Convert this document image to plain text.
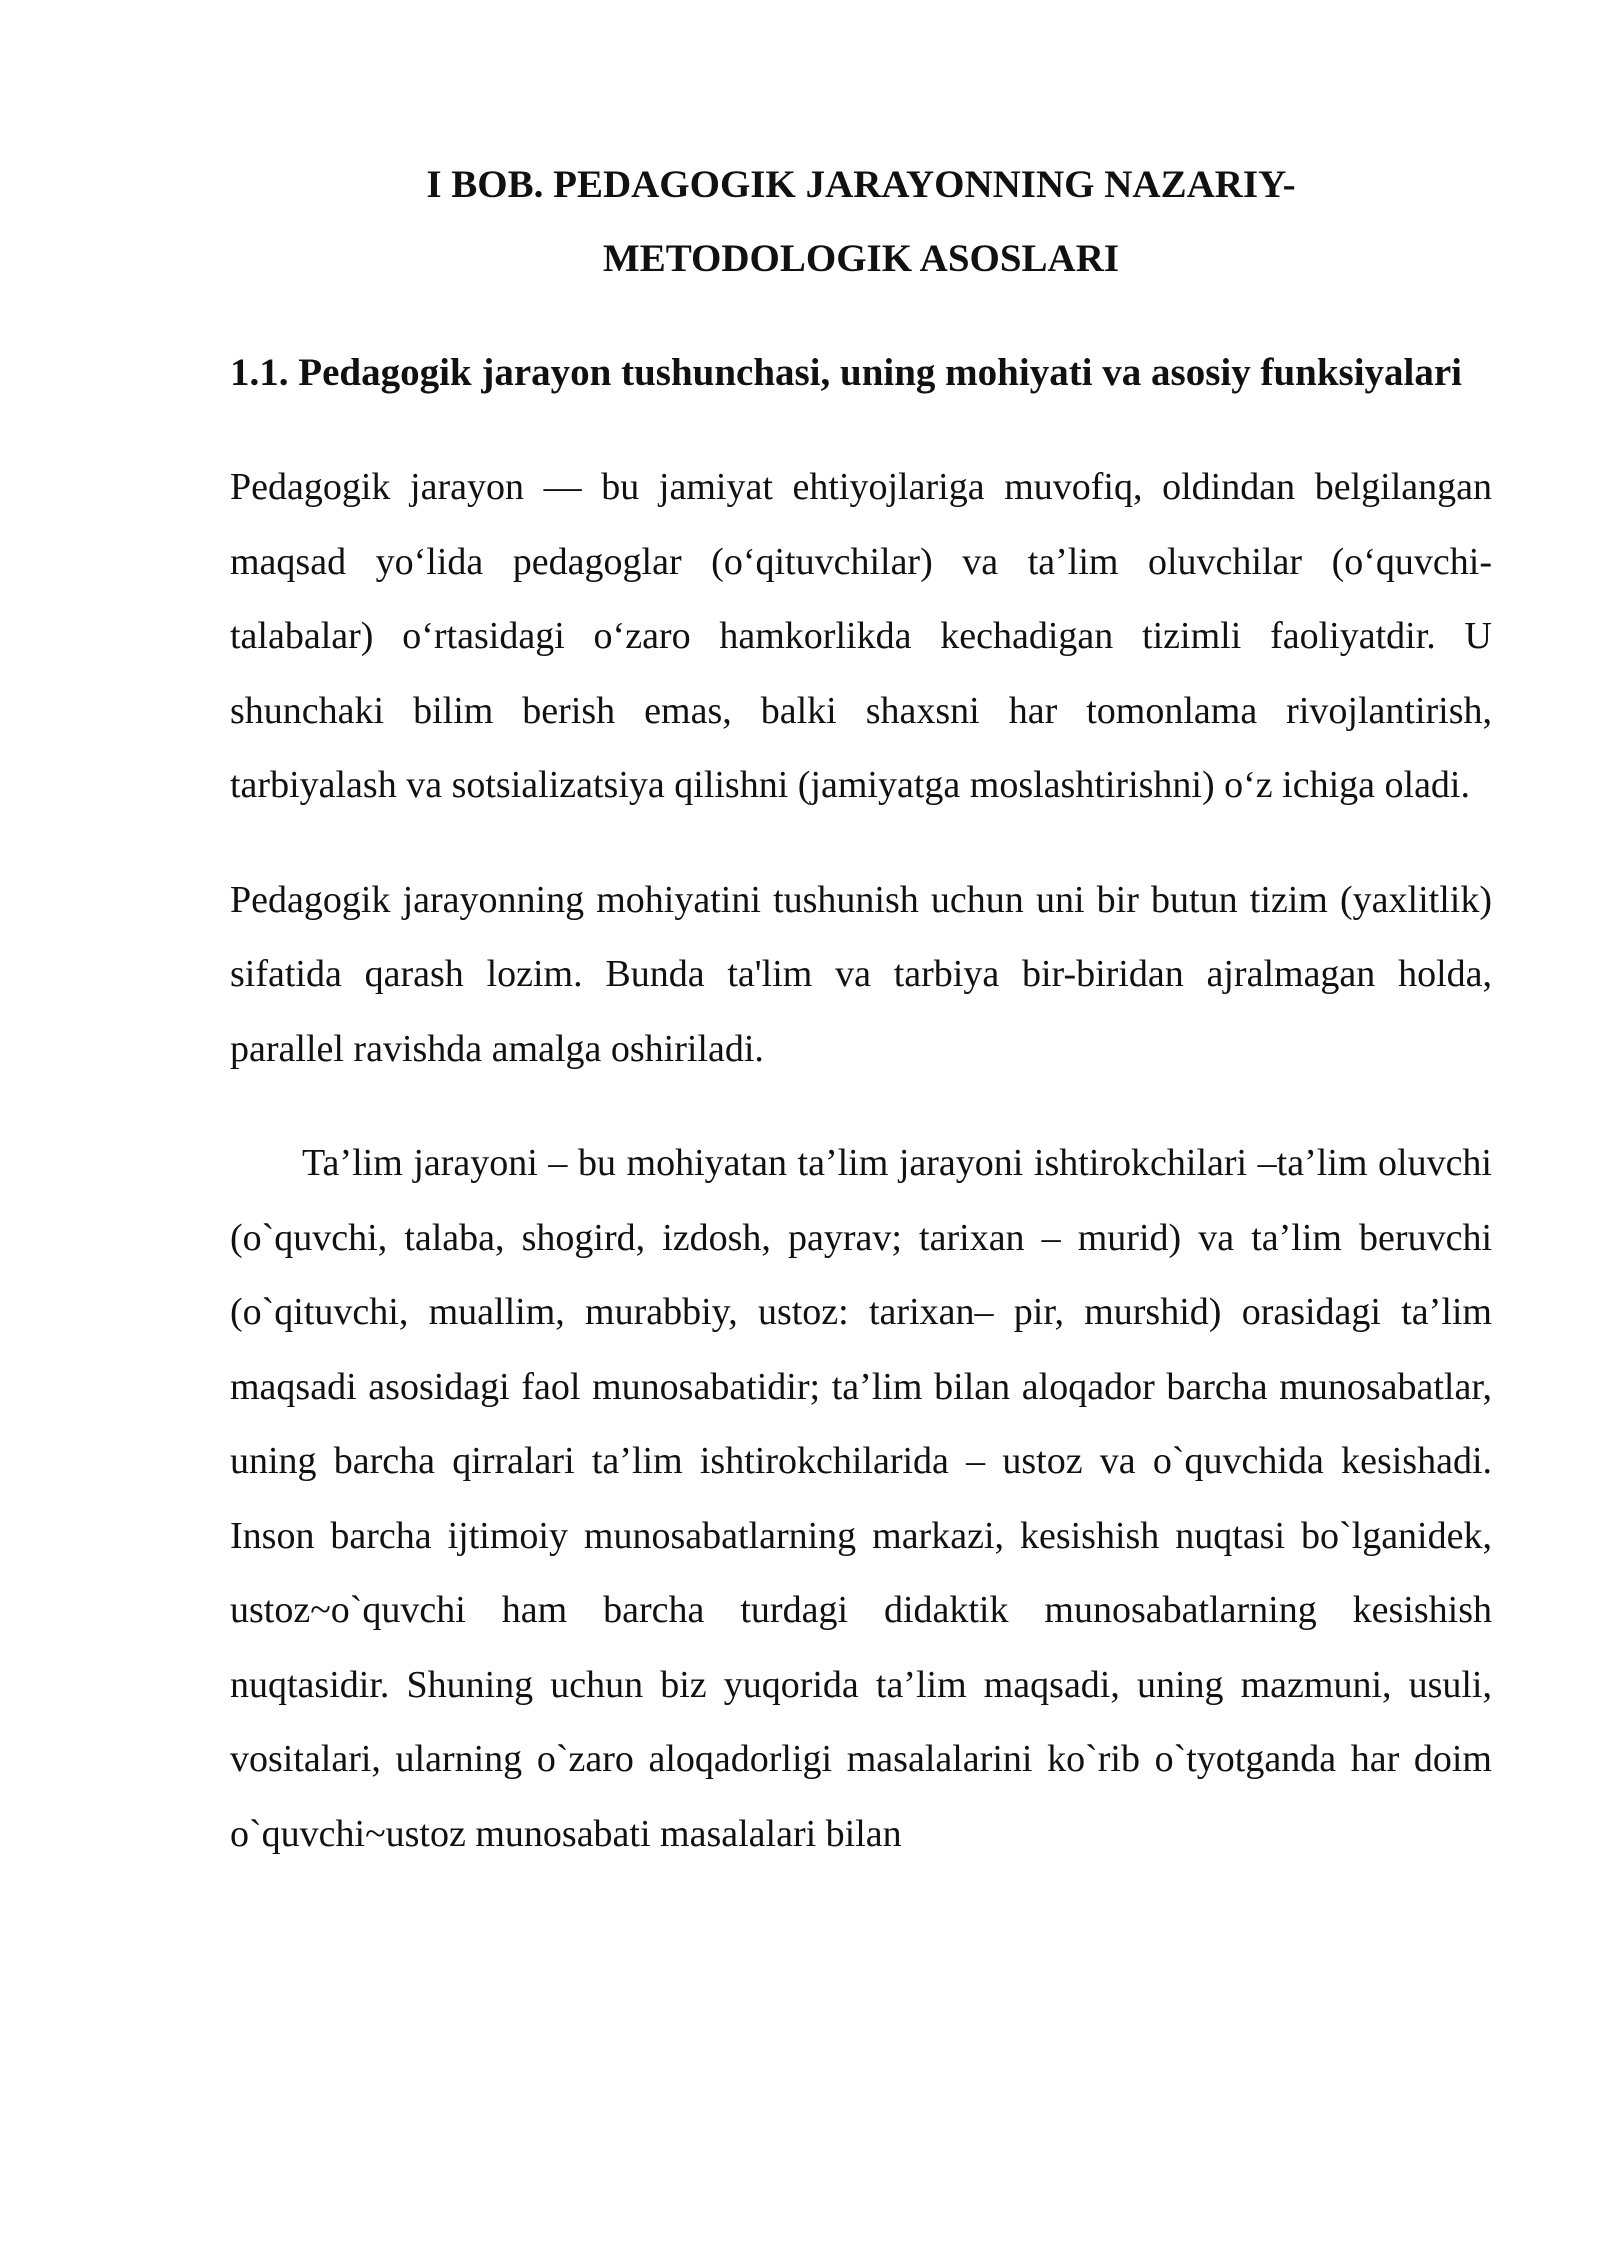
I BOB. PEDAGOGIK JARAYONNING NAZARIY-
METODOLOGIK ASOSLARI
1.1. Pedagogik jarayon tushunchasi, uning mohiyati va asosiy funksiyalari

Pedagogik jarayon — bu jamiyat ehtiyojlariga muvofiq, oldindan belgilangan maqsad yo‘lida pedagoglar (o‘qituvchilar) va ta’lim oluvchilar (o‘quvchi-talabalar) o‘rtasidagi o‘zaro hamkorlikda kechadigan tizimli faoliyatdir. U shunchaki bilim berish emas, balki shaxsni har tomonlama rivojlantirish, tarbiyalash va sotsializatsiya qilishni (jamiyatga moslashtirishni) o‘z ichiga oladi.

Pedagogik jarayonning mohiyatini tushunish uchun uni bir butun tizim (yaxlitlik) sifatida qarash lozim. Bunda ta'lim va tarbiya bir-biridan ajralmagan holda, parallel ravishda amalga oshiriladi.

Ta’lim jarayoni – bu mohiyatan ta’lim jarayoni ishtirokchilari –ta’lim oluvchi (o`quvchi, talaba, shogird, izdosh, payrav; tarixan – murid) va ta’lim beruvchi (o`qituvchi, muallim, murabbiy, ustoz: tarixan– pir, murshid) orasidagi ta’lim maqsadi asosidagi faol munosabatidir; ta’lim bilan aloqador barcha munosabatlar, uning barcha qirralari ta’lim ishtirokchilarida – ustoz va o`quvchida kesishadi. Inson barcha ijtimoiy munosabatlarning markazi, kesishish nuqtasi bo`lganidek, ustoz~o`quvchi ham barcha turdagi didaktik munosabatlarning kesishish nuqtasidir. Shuning uchun biz yuqorida ta’lim maqsadi, uning mazmuni, usuli, vositalari, ularning o`zaro aloqadorligi masalalarini ko`rib o`tyotganda har doim o`quvchi~ustoz munosabati masalalari bilan
